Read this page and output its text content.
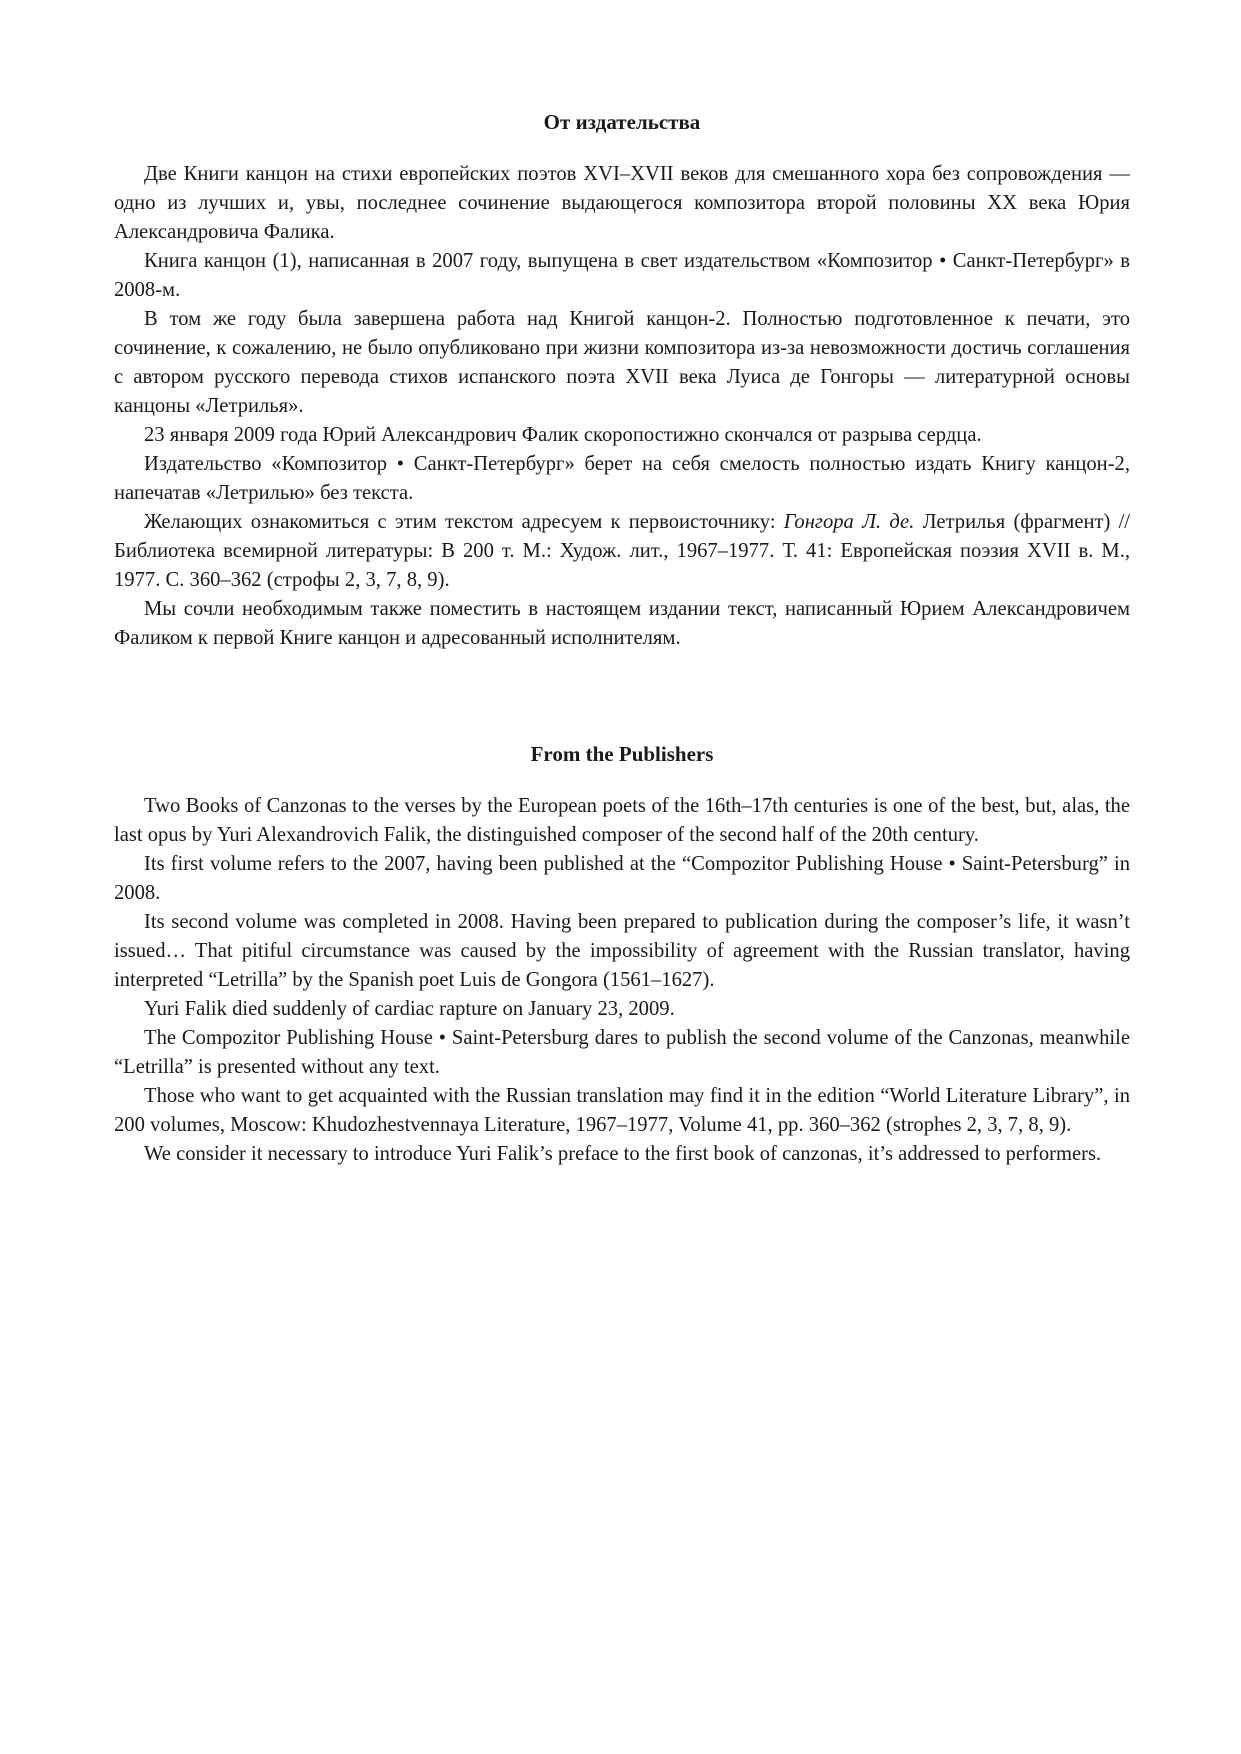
От издательства

Две Книги канцон на стихи европейских поэтов XVI–XVII веков для смешанного хора без сопровождения — одно из лучших и, увы, последнее сочинение выдающегося композитора второй половины XX века Юрия Александровича Фалика.

Книга канцон (1), написанная в 2007 году, выпущена в свет издательством «Композитор • Санкт-Петербург» в 2008-м.

В том же году была завершена работа над Книгой канцон-2. Полностью подготовленное к печати, это сочинение, к сожалению, не было опубликовано при жизни композитора из-за невозможности достичь соглашения с автором русского перевода стихов испанского поэта XVII века Луиса де Гонгоры — литературной основы канцоны «Летрилья».

23 января 2009 года Юрий Александрович Фалик скоропостижно скончался от разрыва сердца.

Издательство «Композитор • Санкт-Петербург» берет на себя смелость полностью издать Книгу канцон-2, напечатав «Летрилью» без текста.

Желающих ознакомиться с этим текстом адресуем к первоисточнику: Гонгора Л. де. Летрилья (фрагмент) // Библиотека всемирной литературы: В 200 т. М.: Худож. лит., 1967–1977. Т. 41: Европейская поэзия XVII в. М., 1977. С. 360–362 (строфы 2, 3, 7, 8, 9).

Мы сочли необходимым также поместить в настоящем издании текст, написанный Юрием Александровичем Фаликом к первой Книге канцон и адресованный исполнителям.

From the Publishers

Two Books of Canzonas to the verses by the European poets of the 16th–17th centuries is one of the best, but, alas, the last opus by Yuri Alexandrovich Falik, the distinguished composer of the second half of the 20th century.

Its first volume refers to the 2007, having been published at the “Compozitor Publishing House • Saint-Petersburg” in 2008.

Its second volume was completed in 2008. Having been prepared to publication during the composer’s life, it wasn’t issued… That pitiful circumstance was caused by the impossibility of agreement with the Russian translator, having interpreted “Letrilla” by the Spanish poet Luis de Gongora (1561–1627).

Yuri Falik died suddenly of cardiac rapture on January 23, 2009.

The Compozitor Publishing House • Saint-Petersburg dares to publish the second volume of the Canzonas, meanwhile “Letrilla” is presented without any text.

Those who want to get acquainted with the Russian translation may find it in the edition “World Literature Library”, in 200 volumes, Moscow: Khudozhestvennaya Literature, 1967–1977, Volume 41, pp. 360–362 (strophes 2, 3, 7, 8, 9).

We consider it necessary to introduce Yuri Falik’s preface to the first book of canzonas, it’s addressed to performers.
